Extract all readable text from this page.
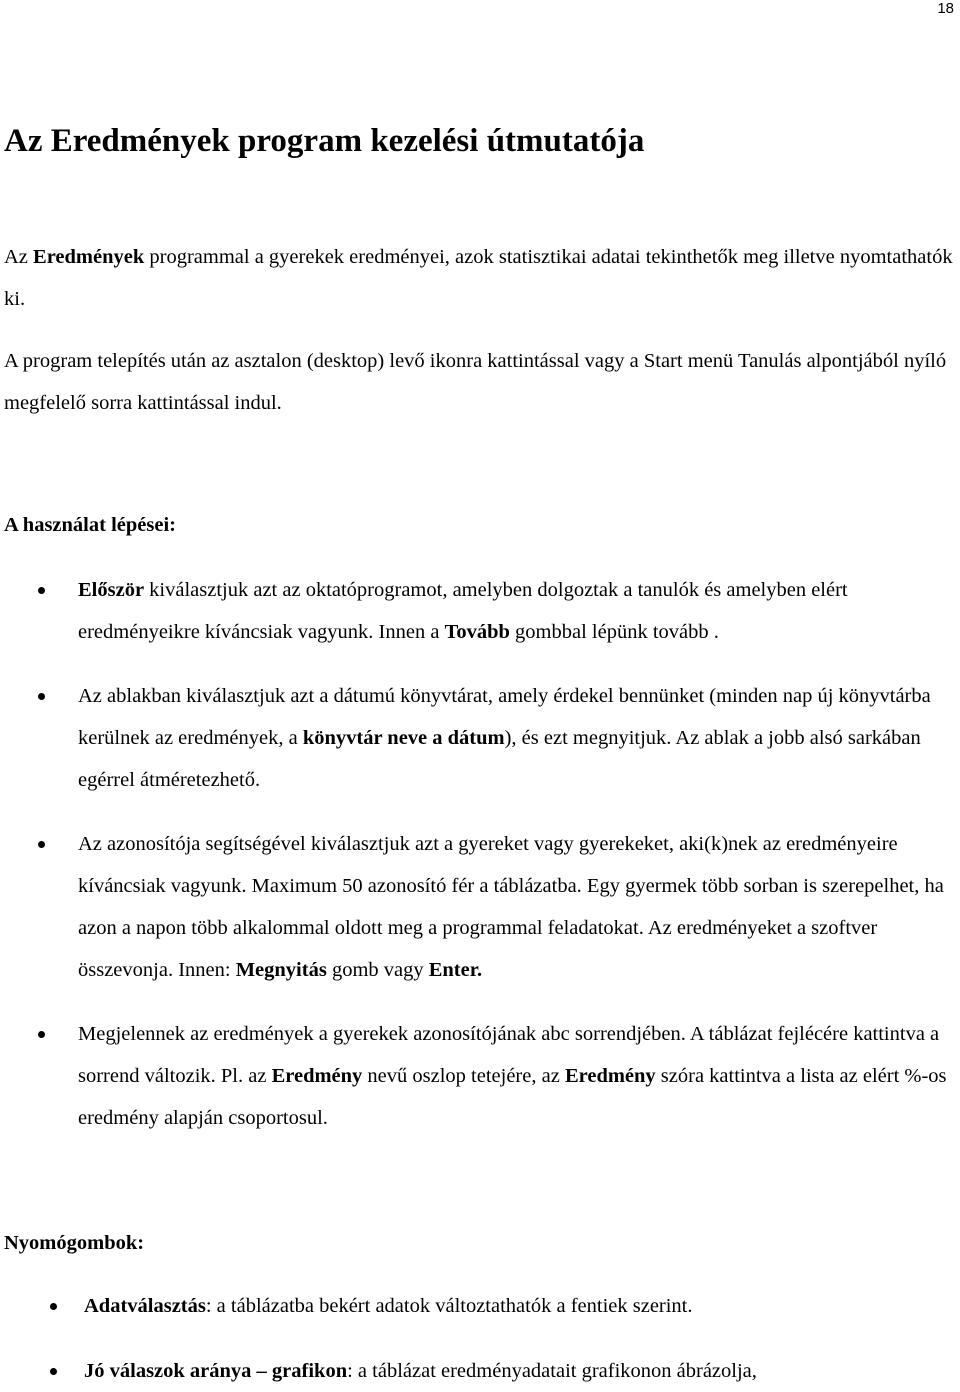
18
Az Eredmények program kezelési útmutatója

Az Eredmények programmal a gyerekek eredményei, azok statisztikai adatai tekinthetők meg illetve nyomtathatók ki.

A program telepítés után az asztalon (desktop) levő ikonra kattintással vagy a Start menü Tanulás alpontjából nyíló megfelelő sorra kattintással indul.

A használat lépései:
Először kiválasztjuk azt az oktatóprogramot, amelyben dolgoztak a tanulók és amelyben elért eredményeikre kíváncsiak vagyunk. Innen a Tovább gombbal lépünk tovább .
Az ablakban kiválasztjuk azt a dátumú könyvtárat, amely érdekel bennünket (minden nap új könyvtárba kerülnek az eredmények, a könyvtár neve a dátum), és ezt megnyitjuk. Az ablak a jobb alsó sarkában egérrel átméretezhető.
Az azonosítója segítségével kiválasztjuk azt a gyereket vagy gyerekeket, aki(k)nek az eredményeire kíváncsiak vagyunk. Maximum 50 azonosító fér a táblázatba. Egy gyermek több sorban is szerepelhet, ha azon a napon több alkalommal oldott meg a programmal feladatokat. Az eredményeket a szoftver összevonja. Innen: Megnyitás gomb vagy Enter.
Megjelennek az eredmények a gyerekek azonosítójának abc sorrendjében. A táblázat fejlécére kattintva a sorrend változik. Pl. az Eredmény nevű oszlop tetejére, az Eredmény szóra kattintva a lista az elért %-os eredmény alapján csoportosul.
Nyomógombok:
Adatválasztás: a táblázatba bekért adatok változtathatók a fentiek szerint.
Jó válaszok aránya – grafikon: a táblázat eredményadatait grafikonon ábrázolja,
